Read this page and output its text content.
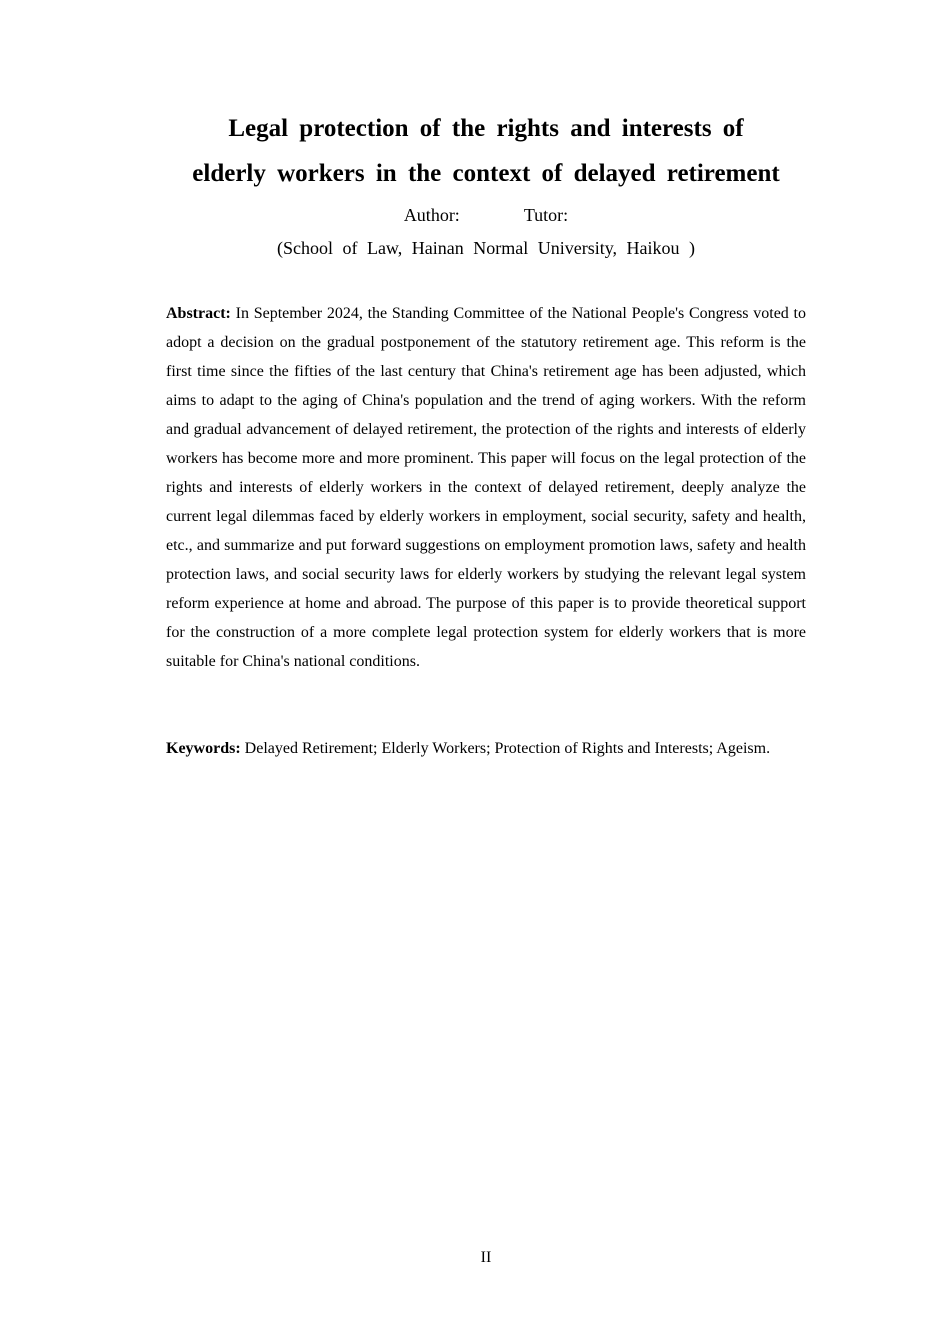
Legal protection of the rights and interests of
elderly workers in the context of delayed retirement
Author:	Tutor:
(School of Law, Hainan Normal University, Haikou )

Abstract: In September 2024, the Standing Committee of the National People's Congress voted to adopt a decision on the gradual postponement of the statutory retirement age. This reform is the first time since the fifties of the last century that China's retirement age has been adjusted, which aims to adapt to the aging of China's population and the trend of aging workers. With the reform and gradual advancement of delayed retirement, the protection of the rights and interests of elderly workers has become more and more prominent. This paper will focus on the legal protection of the rights and interests of elderly workers in the context of delayed retirement, deeply analyze the current legal dilemmas faced by elderly workers in employment, social security, safety and health, etc., and summarize and put forward suggestions on employment promotion laws, safety and health protection laws, and social security laws for elderly workers by studying the relevant legal system reform experience at home and abroad. The purpose of this paper is to provide theoretical support for the construction of a more complete legal protection system for elderly workers that is more suitable for China's national conditions.

Keywords: Delayed Retirement; Elderly Workers; Protection of Rights and Interests; Ageism.

II
